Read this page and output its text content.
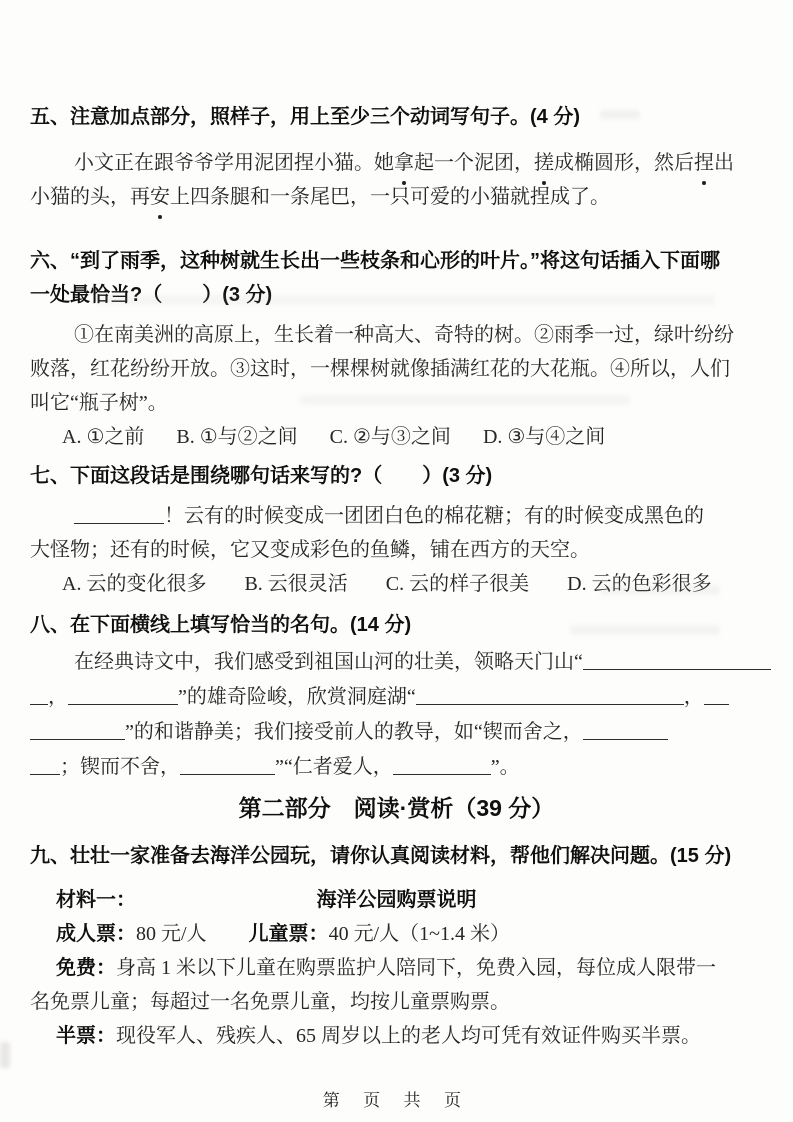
五、注意加点部分，照样子，用上至少三个动词写句子。(4 分)
小文正在跟爷爷学用泥团捏小猫。她拿起一个泥团，搓成椭圆形，然后捏出
小猫的头，再安上四条腿和一条尾巴，一只可爱的小猫就捏成了。
六、“到了雨季，这种树就生长出一些枝条和心形的叶片。”将这句话插入下面哪
一处最恰当?（　　）(3 分)
①在南美洲的高原上，生长着一种高大、奇特的树。②雨季一过，绿叶纷纷
败落，红花纷纷开放。③这时，一棵棵树就像插满红花的大花瓶。④所以，人们
叫它“瓶子树”。
A. ①之前 B. ①与②之间 C. ②与③之间 D. ③与④之间
七、下面这段话是围绕哪句话来写的?（　　）(3 分)
！云有的时候变成一团团白色的棉花糖；有的时候变成黑色的
大怪物；还有的时候，它又变成彩色的鱼鳞，铺在西方的天空。
A. 云的变化很多 B. 云很灵活 C. 云的样子很美 D. 云的色彩很多
八、在下面横线上填写恰当的名句。(14 分)
在经典诗文中，我们感受到祖国山河的壮美，领略天门山“
，	”的雄奇险峻，欣赏洞庭湖“	，
”的和谐静美；我们接受前人的教导，如“锲而舍之，
；锲而不舍，	”“仁者爱人，	”。
第二部分　阅读·赏析（39 分）
九、壮壮一家准备去海洋公园玩，请你认真阅读材料，帮他们解决问题。(15 分)
材料一：	海洋公园购票说明
成人票：80 元/人 儿童票：40 元/人（1~1.4 米）
免费：身高 1 米以下儿童在购票监护人陪同下，免费入园，每位成人限带一
名免票儿童；每超过一名免票儿童，均按儿童票购票。
半票：现役军人、残疾人、65 周岁以上的老人均可凭有效证件购买半票。
第 页 共 页
